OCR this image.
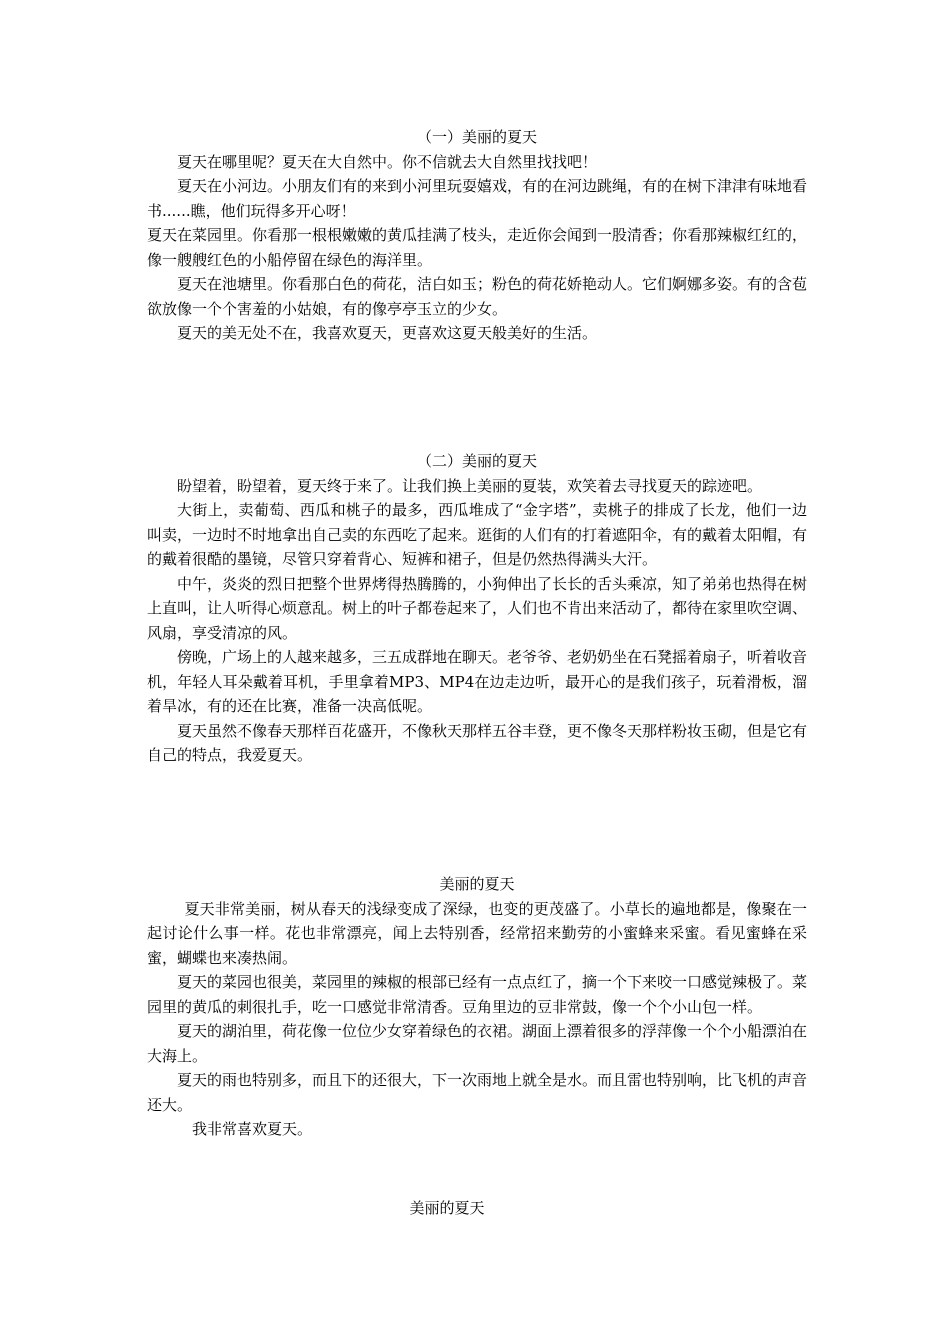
（一）美丽的夏天

夏天在哪里呢？夏天在大自然中。你不信就去大自然里找找吧！

夏天在小河边。小朋友们有的来到小河里玩耍嬉戏，有的在河边跳绳，有的在树下津津有味地看书......瞧，他们玩得多开心呀！

夏天在菜园里。你看那一根根嫩嫩的黄瓜挂满了枝头，走近你会闻到一股清香；你看那辣椒红红的，像一艘艘红色的小船停留在绿色的海洋里。

夏天在池塘里。你看那白色的荷花，洁白如玉；粉色的荷花娇艳动人。它们婀娜多姿。有的含苞欲放像一个个害羞的小姑娘，有的像亭亭玉立的少女。

夏天的美无处不在，我喜欢夏天，更喜欢这夏天般美好的生活。

（二）美丽的夏天

盼望着，盼望着，夏天终于来了。让我们换上美丽的夏装，欢笑着去寻找夏天的踪迹吧。

大街上，卖葡萄、西瓜和桃子的最多，西瓜堆成了“金字塔”，卖桃子的排成了长龙，他们一边叫卖，一边时不时地拿出自己卖的东西吃了起来。逛街的人们有的打着遮阳伞，有的戴着太阳帽，有的戴着很酷的墨镜，尽管只穿着背心、短裤和裙子，但是仍然热得满头大汗。

中午，炎炎的烈日把整个世界烤得热腾腾的，小狗伸出了长长的舌头乘凉，知了弟弟也热得在树上直叫，让人听得心烦意乱。树上的叶子都卷起来了，人们也不肯出来活动了，都待在家里吹空调、风扇，享受清凉的风。

傍晚，广场上的人越来越多，三五成群地在聊天。老爷爷、老奶奶坐在石凳摇着扇子，听着收音机，年轻人耳朵戴着耳机，手里拿着MP3、MP4在边走边听，最开心的是我们孩子，玩着滑板，溜着旱冰，有的还在比赛，准备一决高低呢。

夏天虽然不像春天那样百花盛开，不像秋天那样五谷丰登，更不像冬天那样粉妆玉砌，但是它有自己的特点，我爱夏天。

美丽的夏天

夏天非常美丽，树从春天的浅绿变成了深绿，也变的更茂盛了。小草长的遍地都是，像聚在一起讨论什么事一样。花也非常漂亮，闻上去特别香，经常招来勤劳的小蜜蜂来采蜜。看见蜜蜂在采蜜，蝴蝶也来凑热闹。

夏天的菜园也很美，菜园里的辣椒的根部已经有一点点红了，摘一个下来咬一口感觉辣极了。菜园里的黄瓜的刺很扎手，吃一口感觉非常清香。豆角里边的豆非常鼓，像一个个小山包一样。

夏天的湖泊里，荷花像一位位少女穿着绿色的衣裙。湖面上漂着很多的浮萍像一个个小船漂泊在大海上。

夏天的雨也特别多，而且下的还很大，下一次雨地上就全是水。而且雷也特别响，比飞机的声音还大。

我非常喜欢夏天。

美丽的夏天
